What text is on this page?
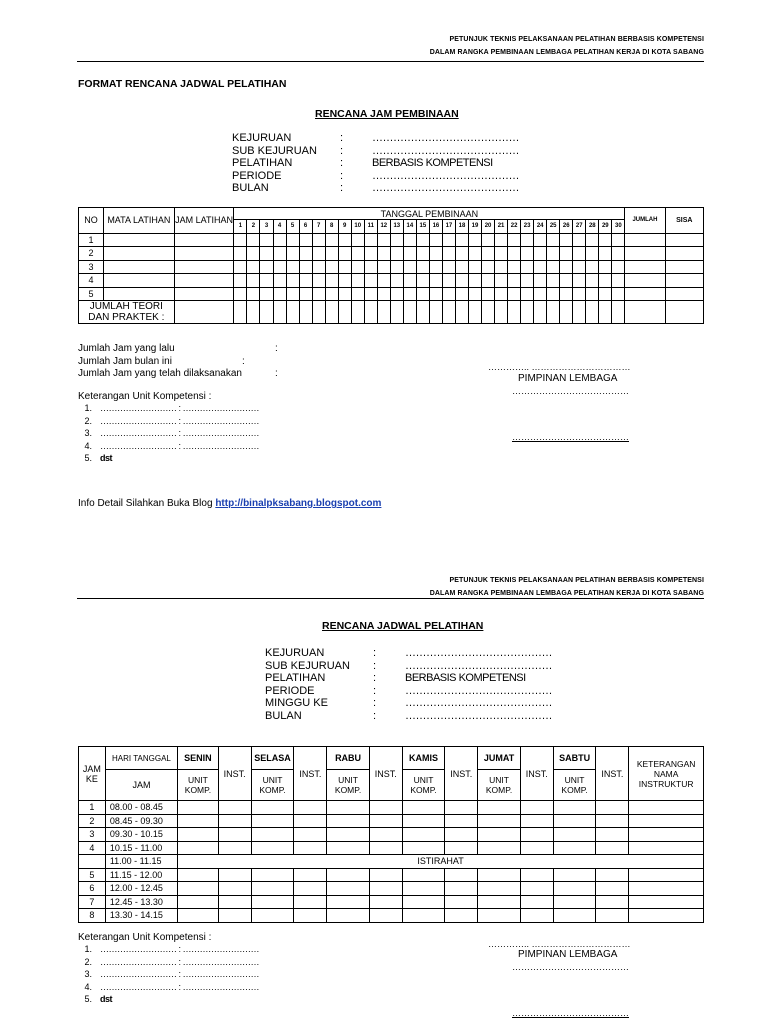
PETUNJUK TEKNIS PELAKSANAAN PELATIHAN BERBASIS KOMPETENSI
DALAM RANGKA PEMBINAAN LEMBAGA PELATIHAN KERJA DI KOTA SABANG
FORMAT RENCANA JADWAL PELATIHAN
RENCANA JAM PEMBINAAN
KEJURUAN	:	……………………………………
SUB KEJURUAN	:	……………………………………
PELATIHAN	:	BERBASIS KOMPETENSI
PERIODE	:	……………………………………
BULAN	:	……………………………………
NO	MATA LATIHAN	JAM LATIHAN	TANGGAL PEMBINAAN																														JUMLAH	SISA
			1	2	3	4	5	6	7	8	9	10	11	12	13	14	15	16	17	18	19	20	21	22	23	24	25	26	27	28	29	30		
1																																		
2																																		
3																																		
4																																		
5																																		
JUMLAH TEORI DAN PRAKTEK :																																		
Jumlah Jam yang lalu	:
Jumlah Jam bulan ini	:
Jumlah Jam yang telah dilaksanakan	:
………….. ……………………………
PIMPINAN LEMBAGA
…………………………………
…………………………………
Keterangan Unit Kompetensi :
1. ……………………… : ………………………
2. ……………………… : ………………………
3. ……………………… : ………………………
4. ……………………… : ………………………
5. dst
Info Detail Silahkan Buka Blog http://binalpksabang.blogspot.com
PETUNJUK TEKNIS PELAKSANAAN PELATIHAN BERBASIS KOMPETENSI
DALAM RANGKA PEMBINAAN LEMBAGA PELATIHAN KERJA DI KOTA SABANG
RENCANA JADWAL PELATIHAN
KEJURUAN	:	……………………………………
SUB KEJURUAN	:	……………………………………
PELATIHAN	:	BERBASIS KOMPETENSI
PERIODE	:	……………………………………
MINGGU KE	:	……………………………………
BULAN	:	……………………………………
JAM KE	HARI TANGGAL	SENIN	INST.	SELASA	INST.	RABU	INST.	KAMIS	INST.	JUMAT	INST.	SABTU	INST.	KETERANGAN NAMA INSTRUKTUR
	JAM	UNIT KOMP.		UNIT KOMP.		UNIT KOMP.		UNIT KOMP.		UNIT KOMP.		UNIT KOMP.		
1	08.00 - 08.45													
2	08.45 - 09.30													
3	09.30 - 10.15													
4	10.15 - 11.00													
	11.00 - 11.15	ISTIRAHAT												
5	11.15 - 12.00													
6	12.00 - 12.45													
7	12.45 - 13.30													
8	13.30 - 14.15													
Keterangan Unit Kompetensi :
1. ……………………… : ………………………
2. ……………………… : ………………………
3. ……………………… : ………………………
4. ……………………… : ………………………
5. dst
………….. ……………………………
PIMPINAN LEMBAGA
…………………………………
…………………………………
